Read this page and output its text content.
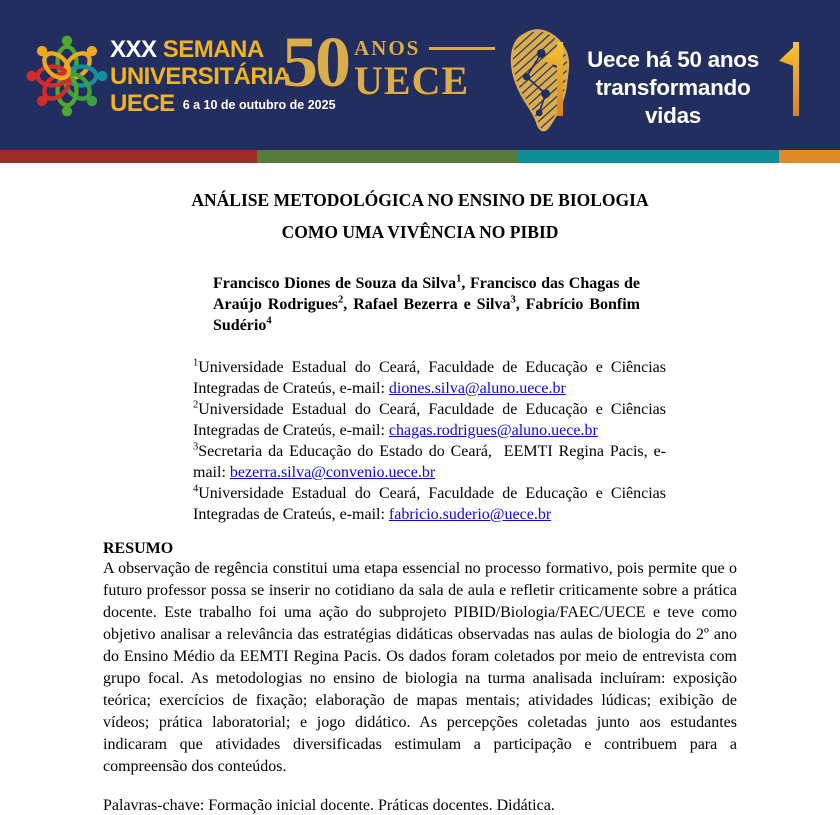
XXX SEMANA
UNIVERSITÁRIA
UECE 6 a 10 de outubro de 2025
50 ANOS
UECE	Uece há 50 anos
transformando vidas
ANÁLISE METODOLÓGICA NO ENSINO DE BIOLOGIA
COMO UMA VIVÊNCIA NO PIBID

Francisco Diones de Souza da Silva$^1$, Francisco das Chagas de Araújo Rodrigues$^2$, Rafael Bezerra e Silva$^3$, Fabrício Bonfim Sudério$^4$

$^1$Universidade Estadual do Ceará, Faculdade de Educação e Ciências Integradas de Crateús, e-mail: diones.silva@aluno.uece.br
$^2$Universidade Estadual do Ceará, Faculdade de Educação e Ciências Integradas de Crateús, e-mail: chagas.rodrigues@aluno.uece.br
$^3$Secretaria da Educação do Estado do Ceará,  EEMTI Regina Pacis, e-mail: bezerra.silva@convenio.uece.br
$^4$Universidade Estadual do Ceará, Faculdade de Educação e Ciências Integradas de Crateús, e-mail: fabricio.suderio@uece.br
RESUMO

A observação de regência constitui uma etapa essencial no processo formativo, pois permite que o futuro professor possa se inserir no cotidiano da sala de aula e refletir criticamente sobre a prática docente. Este trabalho foi uma ação do subprojeto PIBID/Biologia/FAEC/UECE e teve como objetivo analisar a relevância das estratégias didáticas observadas nas aulas de biologia do 2º ano do Ensino Médio da EEMTI Regina Pacis. Os dados foram coletados por meio de entrevista com grupo focal. As metodologias no ensino de biologia na turma analisada incluíram: exposição teórica; exercícios de fixação; elaboração de mapas mentais; atividades lúdicas; exibição de vídeos; prática laboratorial; e jogo didático. As percepções coletadas junto aos estudantes indicaram que atividades diversificadas estimulam a participação e contribuem para a compreensão dos conteúdos.

Palavras-chave: Formação inicial docente. Práticas docentes. Didática.
